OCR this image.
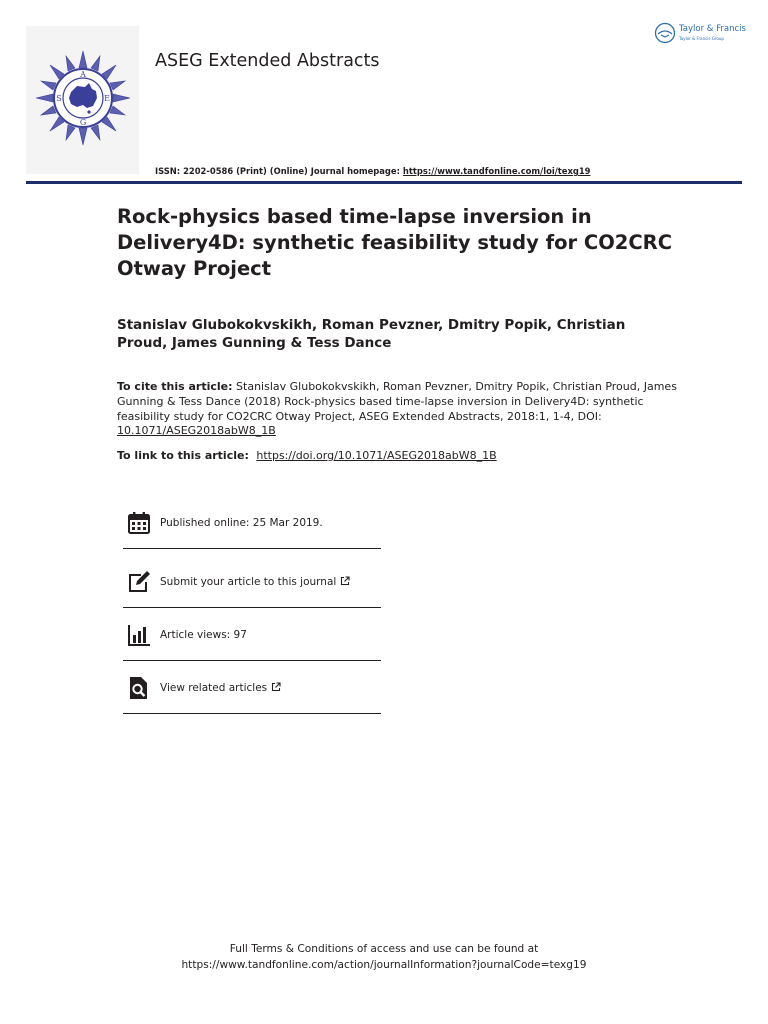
A
S	E
G
ASEG Extended Abstracts
Taylor & Francis
Taylor & Francis Group
ISSN: 2202-0586 (Print) (Online) Journal homepage: https://www.tandfonline.com/loi/texg19
Rock-physics based time-lapse inversion in Delivery4D: synthetic feasibility study for CO2CRC Otway Project
Stanislav Glubokokvskikh, Roman Pevzner, Dmitry Popik, Christian Proud, James Gunning & Tess Dance
To cite this article: Stanislav Glubokokvskikh, Roman Pevzner, Dmitry Popik, Christian Proud, James Gunning & Tess Dance (2018) Rock-physics based time-lapse inversion in Delivery4D: synthetic feasibility study for CO2CRC Otway Project, ASEG Extended Abstracts, 2018:1, 1-4, DOI: 10.1071/ASEG2018abW8_1B
To link to this article: https://doi.org/10.1071/ASEG2018abW8_1B
Published online: 25 Mar 2019.
Submit your article to this journal
Article views: 97
View related articles
Full Terms & Conditions of access and use can be found at
https://www.tandfonline.com/action/journalInformation?journalCode=texg19
